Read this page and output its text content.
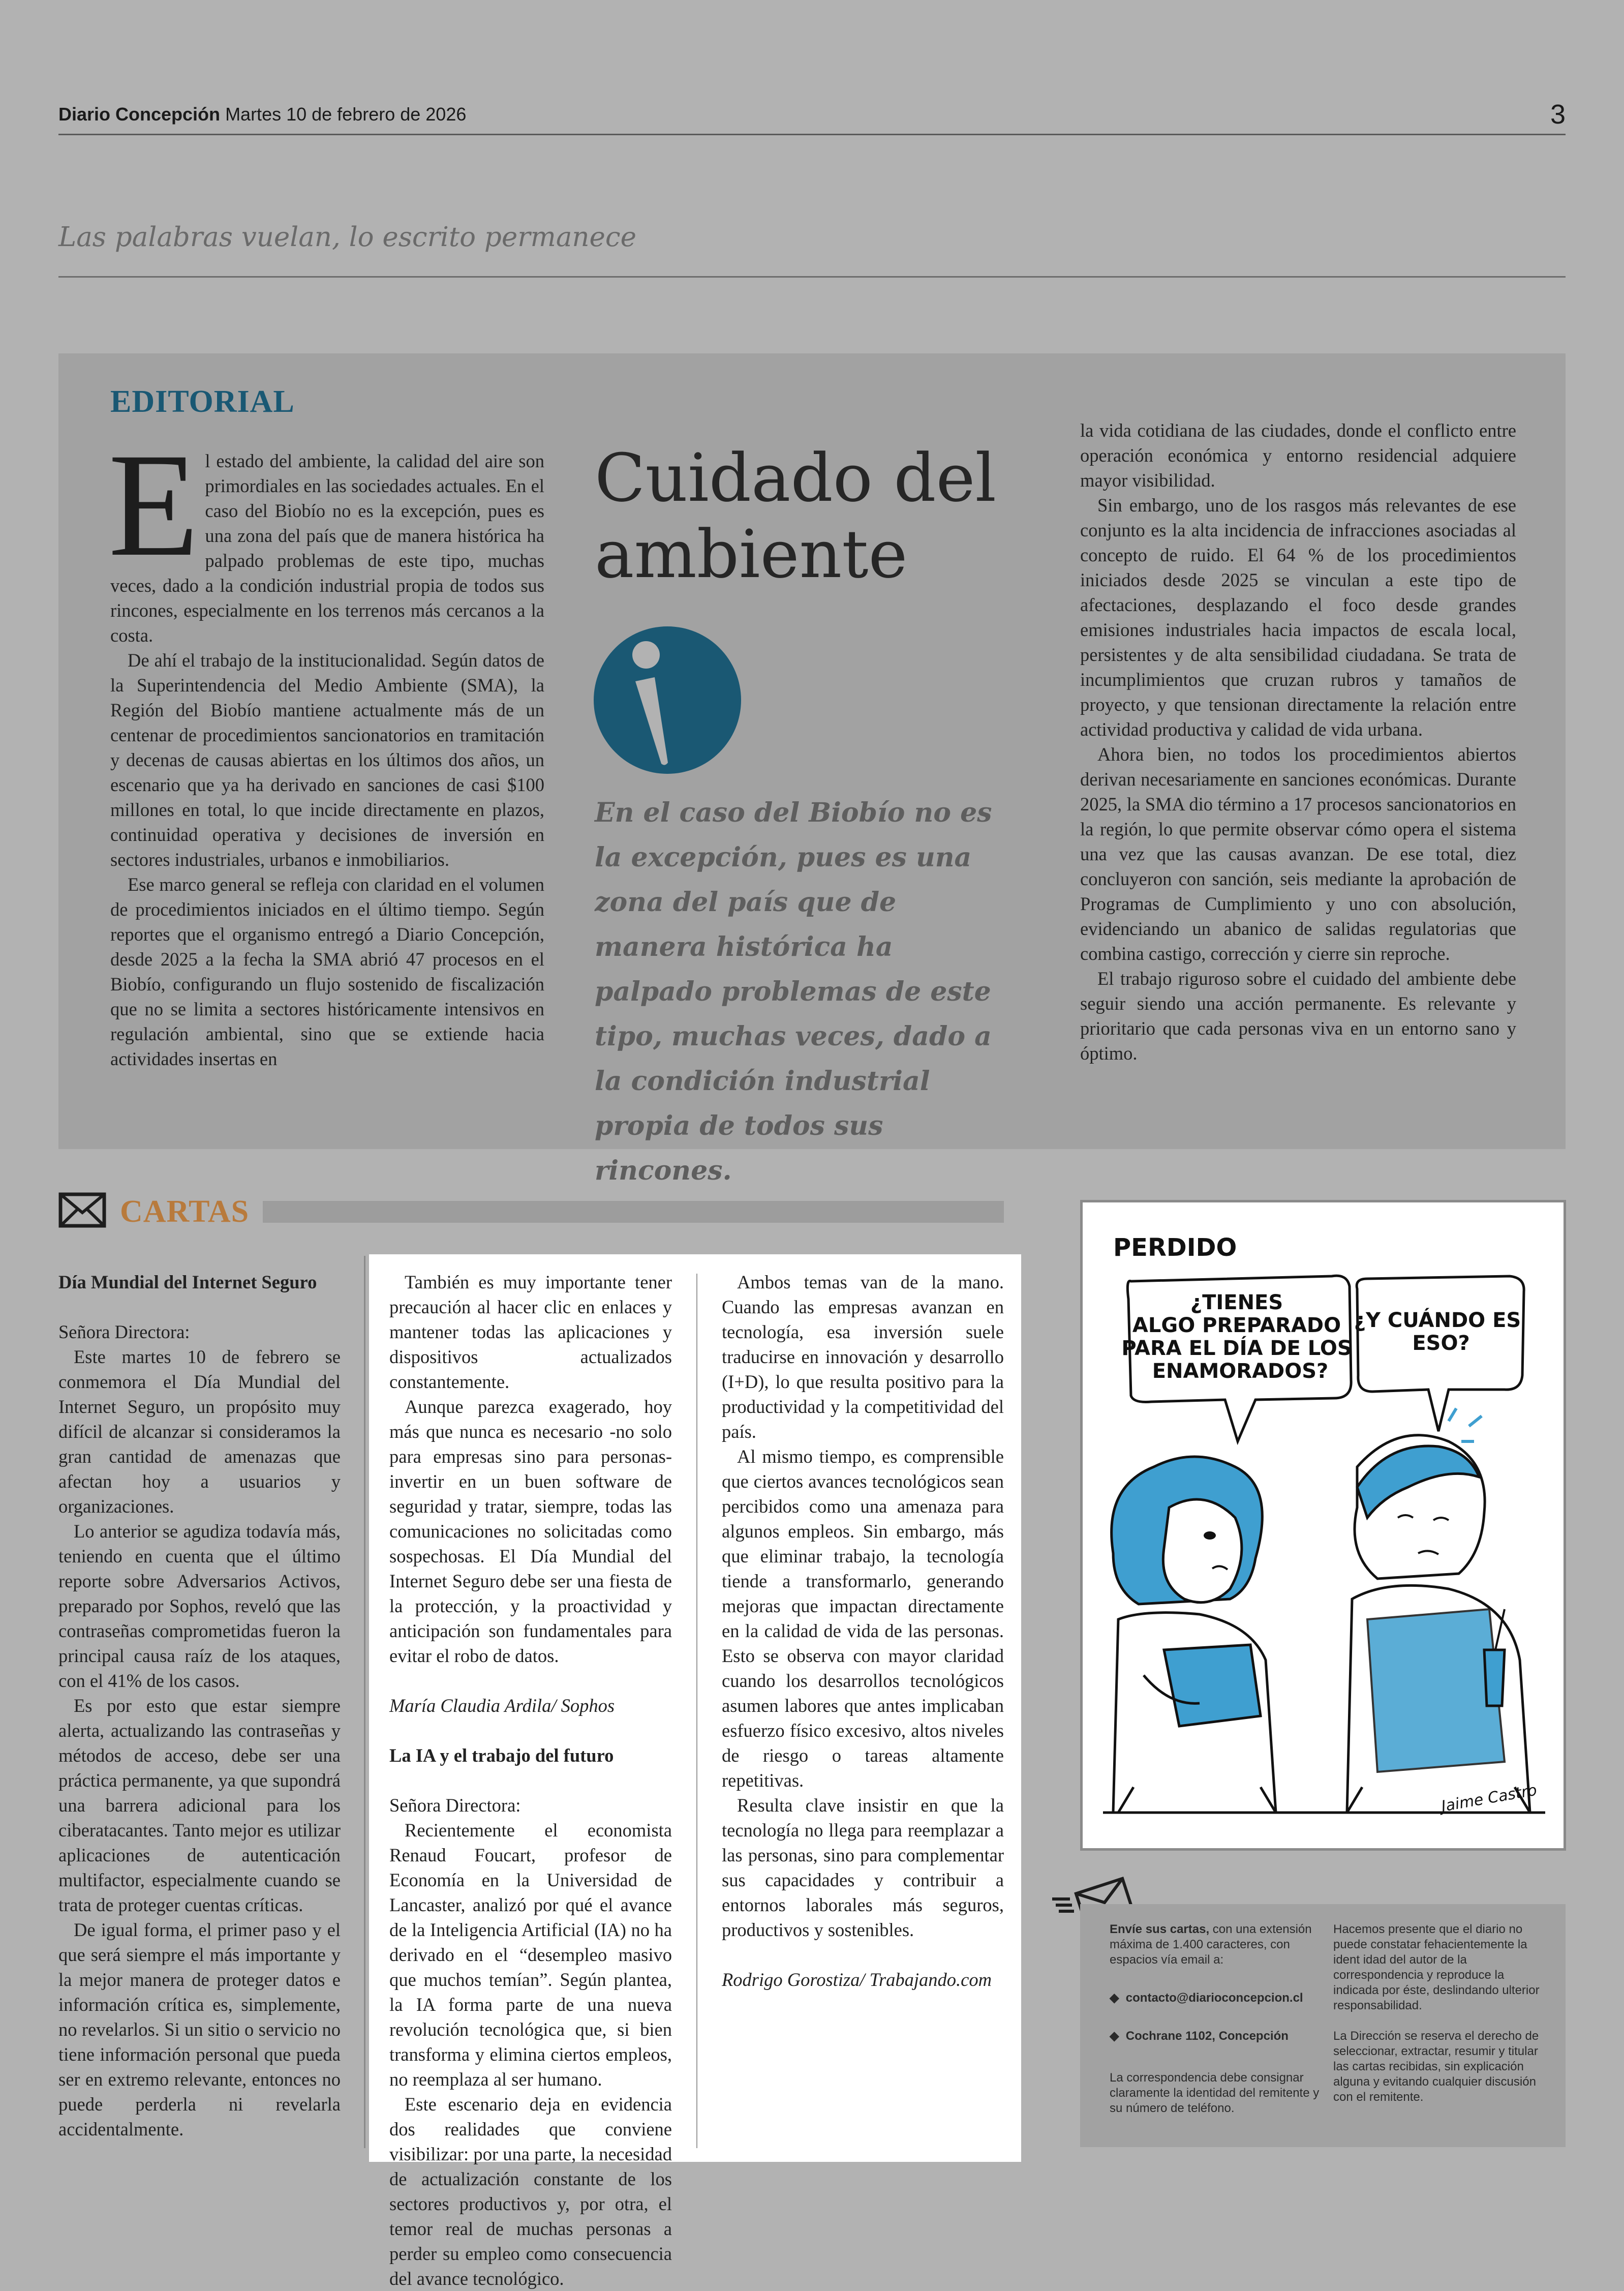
Diario Concepción Martes 10 de febrero de 2026	3
Las palabras vuelan, lo escrito permanece
EDITORIAL

El estado del ambiente, la calidad del aire son primordiales en las sociedades actuales. En el caso del Biobío no es la excepción, pues es una zona del país que de manera histórica ha palpado problemas de este tipo, muchas veces, dado a la condición industrial propia de todos sus rincones, especialmente en los terrenos más cercanos a la costa.

De ahí el trabajo de la institucionalidad. Según datos de la Superintendencia del Medio Ambiente (SMA), la Región del Biobío mantiene actualmente más de un centenar de procedimientos sancionatorios en tramitación y decenas de causas abiertas en los últimos dos años, un escenario que ya ha derivado en sanciones de casi $100 millones en total, lo que incide directamente en plazos, continuidad operativa y decisiones de inversión en sectores industriales, urbanos e inmobiliarios.

Ese marco general se refleja con claridad en el volumen de procedimientos iniciados en el último tiempo. Según reportes que el organismo entregó a Diario Concepción, desde 2025 a la fecha la SMA abrió 47 procesos en el Biobío, configurando un flujo sostenido de fiscalización que no se limita a sectores históricamente intensivos en regulación ambiental, sino que se extiende hacia actividades insertas en

Cuidado del ambiente
En el caso del Biobío no es la excepción, pues es una zona del país que de manera histórica ha palpado problemas de este tipo, muchas veces, dado a la condición industrial propia de todos sus rincones.

la vida cotidiana de las ciudades, donde el conflicto entre operación económica y entorno residencial adquiere mayor visibilidad.

Sin embargo, uno de los rasgos más relevantes de ese conjunto es la alta incidencia de infracciones asociadas al concepto de ruido. El 64 % de los procedimientos iniciados desde 2025 se vinculan a este tipo de afectaciones, desplazando el foco desde grandes emisiones industriales hacia impactos de escala local, persistentes y de alta sensibilidad ciudadana. Se trata de incumplimientos que cruzan rubros y tamaños de proyecto, y que tensionan directamente la relación entre actividad productiva y calidad de vida urbana.

Ahora bien, no todos los procedimientos abiertos derivan necesariamente en sanciones económicas. Durante 2025, la SMA dio término a 17 procesos sancionatorios en la región, lo que permite observar cómo opera el sistema una vez que las causas avanzan. De ese total, diez concluyeron con sanción, seis mediante la aprobación de Programas de Cumplimiento y uno con absolución, evidenciando un abanico de salidas regulatorias que combina castigo, corrección y cierre sin reproche.

El trabajo riguroso sobre el cuidado del ambiente debe seguir siendo una acción permanente. Es relevante y prioritario que cada personas viva en un entorno sano y óptimo.

CARTAS

Día Mundial del Internet Seguro

Señora Directora:

Este martes 10 de febrero se conmemora el Día Mundial del Internet Seguro, un propósito muy difícil de alcanzar si consideramos la gran cantidad de amenazas que afectan hoy a usuarios y organizaciones.

Lo anterior se agudiza todavía más, teniendo en cuenta que el último reporte sobre Adversarios Activos, preparado por Sophos, reveló que las contraseñas comprometidas fueron la principal causa raíz de los ataques, con el 41% de los casos.

Es por esto que estar siempre alerta, actualizando las contraseñas y métodos de acceso, debe ser una práctica permanente, ya que supondrá una barrera adicional para los ciberatacantes. Tanto mejor es utilizar aplicaciones de autenticación multifactor, especialmente cuando se trata de proteger cuentas críticas.

De igual forma, el primer paso y el que será siempre el más importante y la mejor manera de proteger datos e información crítica es, simplemente, no revelarlos. Si un sitio o servicio no tiene información personal que pueda ser en extremo relevante, entonces no puede perderla ni revelarla accidentalmente.

También es muy importante tener precaución al hacer clic en enlaces y mantener todas las aplicaciones y dispositivos actualizados constantemente.

Aunque parezca exagerado, hoy más que nunca es necesario -no solo para empresas sino para personas- invertir en un buen software de seguridad y tratar, siempre, todas las comunicaciones no solicitadas como sospechosas. El Día Mundial del Internet Seguro debe ser una fiesta de la protección, y la proactividad y anticipación son fundamentales para evitar el robo de datos.

María Claudia Ardila/ Sophos

La IA y el trabajo del futuro

Señora Directora:

Recientemente el economista Renaud Foucart, profesor de Economía en la Universidad de Lancaster, analizó por qué el avance de la Inteligencia Artificial (IA) no ha derivado en el “desempleo masivo que muchos temían”. Según plantea, la IA forma parte de una nueva revolución tecnológica que, si bien transforma y elimina ciertos empleos, no reemplaza al ser humano.

Este escenario deja en evidencia dos realidades que conviene visibilizar: por una parte, la necesidad de actualización constante de los sectores productivos y, por otra, el temor real de muchas personas a perder su empleo como consecuencia del avance tecnológico.

Ambos temas van de la mano. Cuando las empresas avanzan en tecnología, esa inversión suele traducirse en innovación y desarrollo (I+D), lo que resulta positivo para la productividad y la competitividad del país.

Al mismo tiempo, es comprensible que ciertos avances tecnológicos sean percibidos como una amenaza para algunos empleos. Sin embargo, más que eliminar trabajo, la tecnología tiende a transformarlo, generando mejoras que impactan directamente en la calidad de vida de las personas. Esto se observa con mayor claridad cuando los desarrollos tecnológicos asumen labores que antes implicaban esfuerzo físico excesivo, altos niveles de riesgo o tareas altamente repetitivas.

Resulta clave insistir en que la tecnología no llega para reemplazar a las personas, sino para complementar sus capacidades y contribuir a entornos laborales más seguros, productivos y sostenibles.

Rodrigo Gorostiza/ Trabajando.com

PERDIDO
¿TIENES ALGO PREPARADO PARA EL DÍA DE LOS ENAMORADOS?
¿Y CUÁNDO ES ESO?
Jaime Castro
Envíe sus cartas, con una extensión máxima de 1.400 caracteres, con espacios vía email a:
◆  contacto@diarioconcepcion.cl
◆  Cochrane 1102, Concepción
La correspondencia debe consignar claramente la identidad del remitente y su número de teléfono.
Hacemos presente que el diario no puede constatar fehacientemente la ident idad del autor de la correspondencia y reproduce la indicada por éste, deslindando ulterior responsabilidad.
La Dirección se reserva el derecho de seleccionar, extractar, resumir y titular las cartas recibidas, sin explicación alguna y evitando cualquier discusión con el remitente.
